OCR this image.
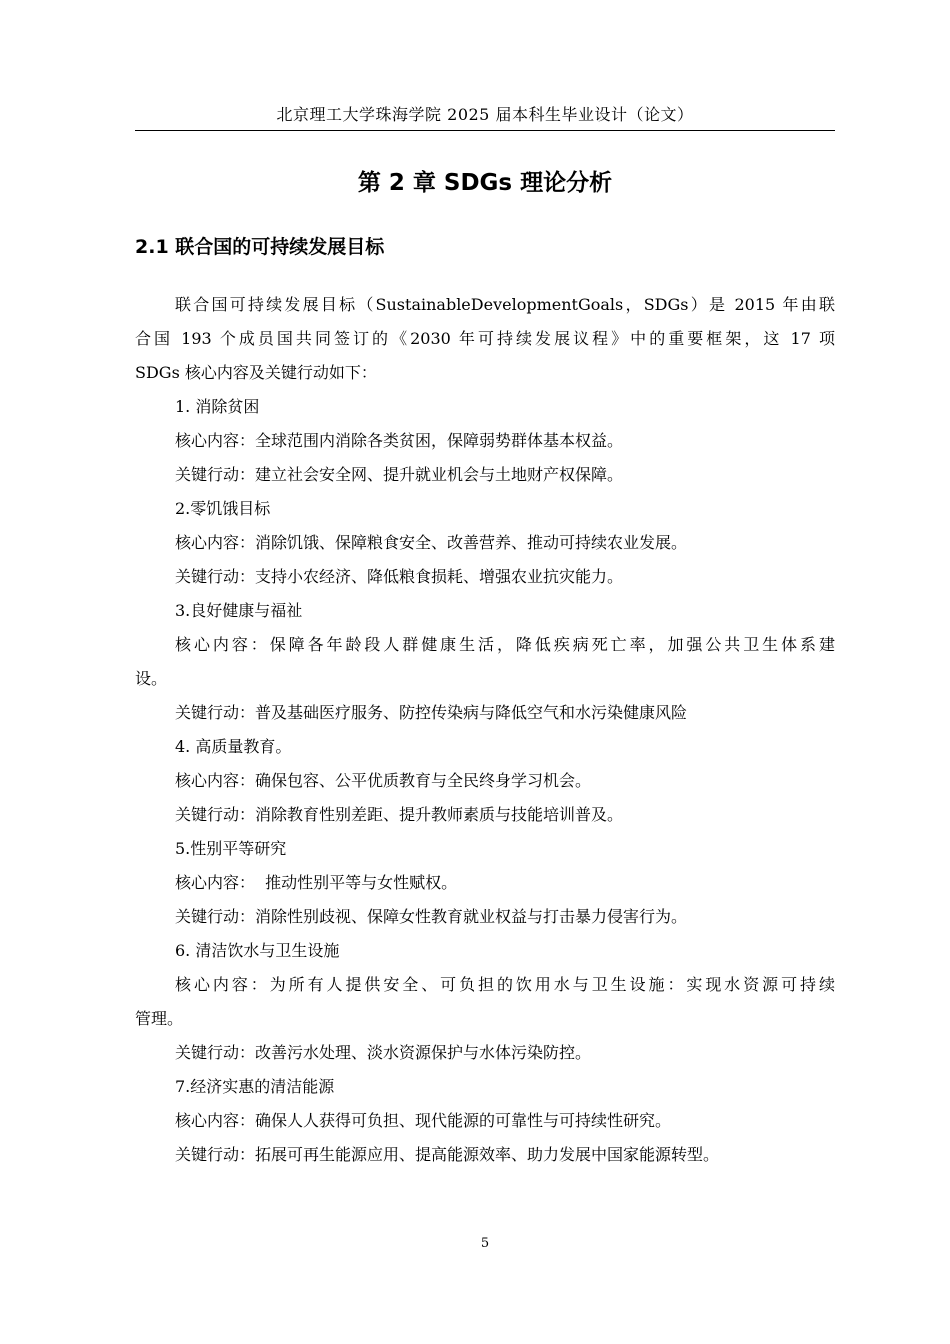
北京理工大学珠海学院 2025 届本科生毕业设计（论文）
第 2 章 SDGs 理论分析
2.1 联合国的可持续发展目标
联合国可持续发展目标（SustainableDevelopmentGoals，SDGs）是 2015 年由联
合国 193 个成员国共同签订的《2030 年可持续发展议程》中的重要框架，这 17 项
SDGs 核心内容及关键行动如下：
1. 消除贫困
核心内容：全球范围内消除各类贫困，保障弱势群体基本权益。
关键行动：建立社会安全网、提升就业机会与土地财产权保障。
2.零饥饿目标
核心内容：消除饥饿、保障粮食安全、改善营养、推动可持续农业发展。
关键行动：支持小农经济、降低粮食损耗、增强农业抗灾能力。
3.良好健康与福祉
核心内容：保障各年龄段人群健康生活，降低疾病死亡率，加强公共卫生体系建
设。
关键行动：普及基础医疗服务、防控传染病与降低空气和水污染健康风险
4. 高质量教育。
核心内容：确保包容、公平优质教育与全民终身学习机会。
关键行动：消除教育性别差距、提升教师素质与技能培训普及。
5.性别平等研究
核心内容：  推动性别平等与女性赋权。
关键行动：消除性别歧视、保障女性教育就业权益与打击暴力侵害行为。
6. 清洁饮水与卫生设施
核心内容：为所有人提供安全、可负担的饮用水与卫生设施：实现水资源可持续
管理。
关键行动：改善污水处理、淡水资源保护与水体污染防控。
7.经济实惠的清洁能源
核心内容：确保人人获得可负担、现代能源的可靠性与可持续性研究。
关键行动：拓展可再生能源应用、提高能源效率、助力发展中国家能源转型。
5
